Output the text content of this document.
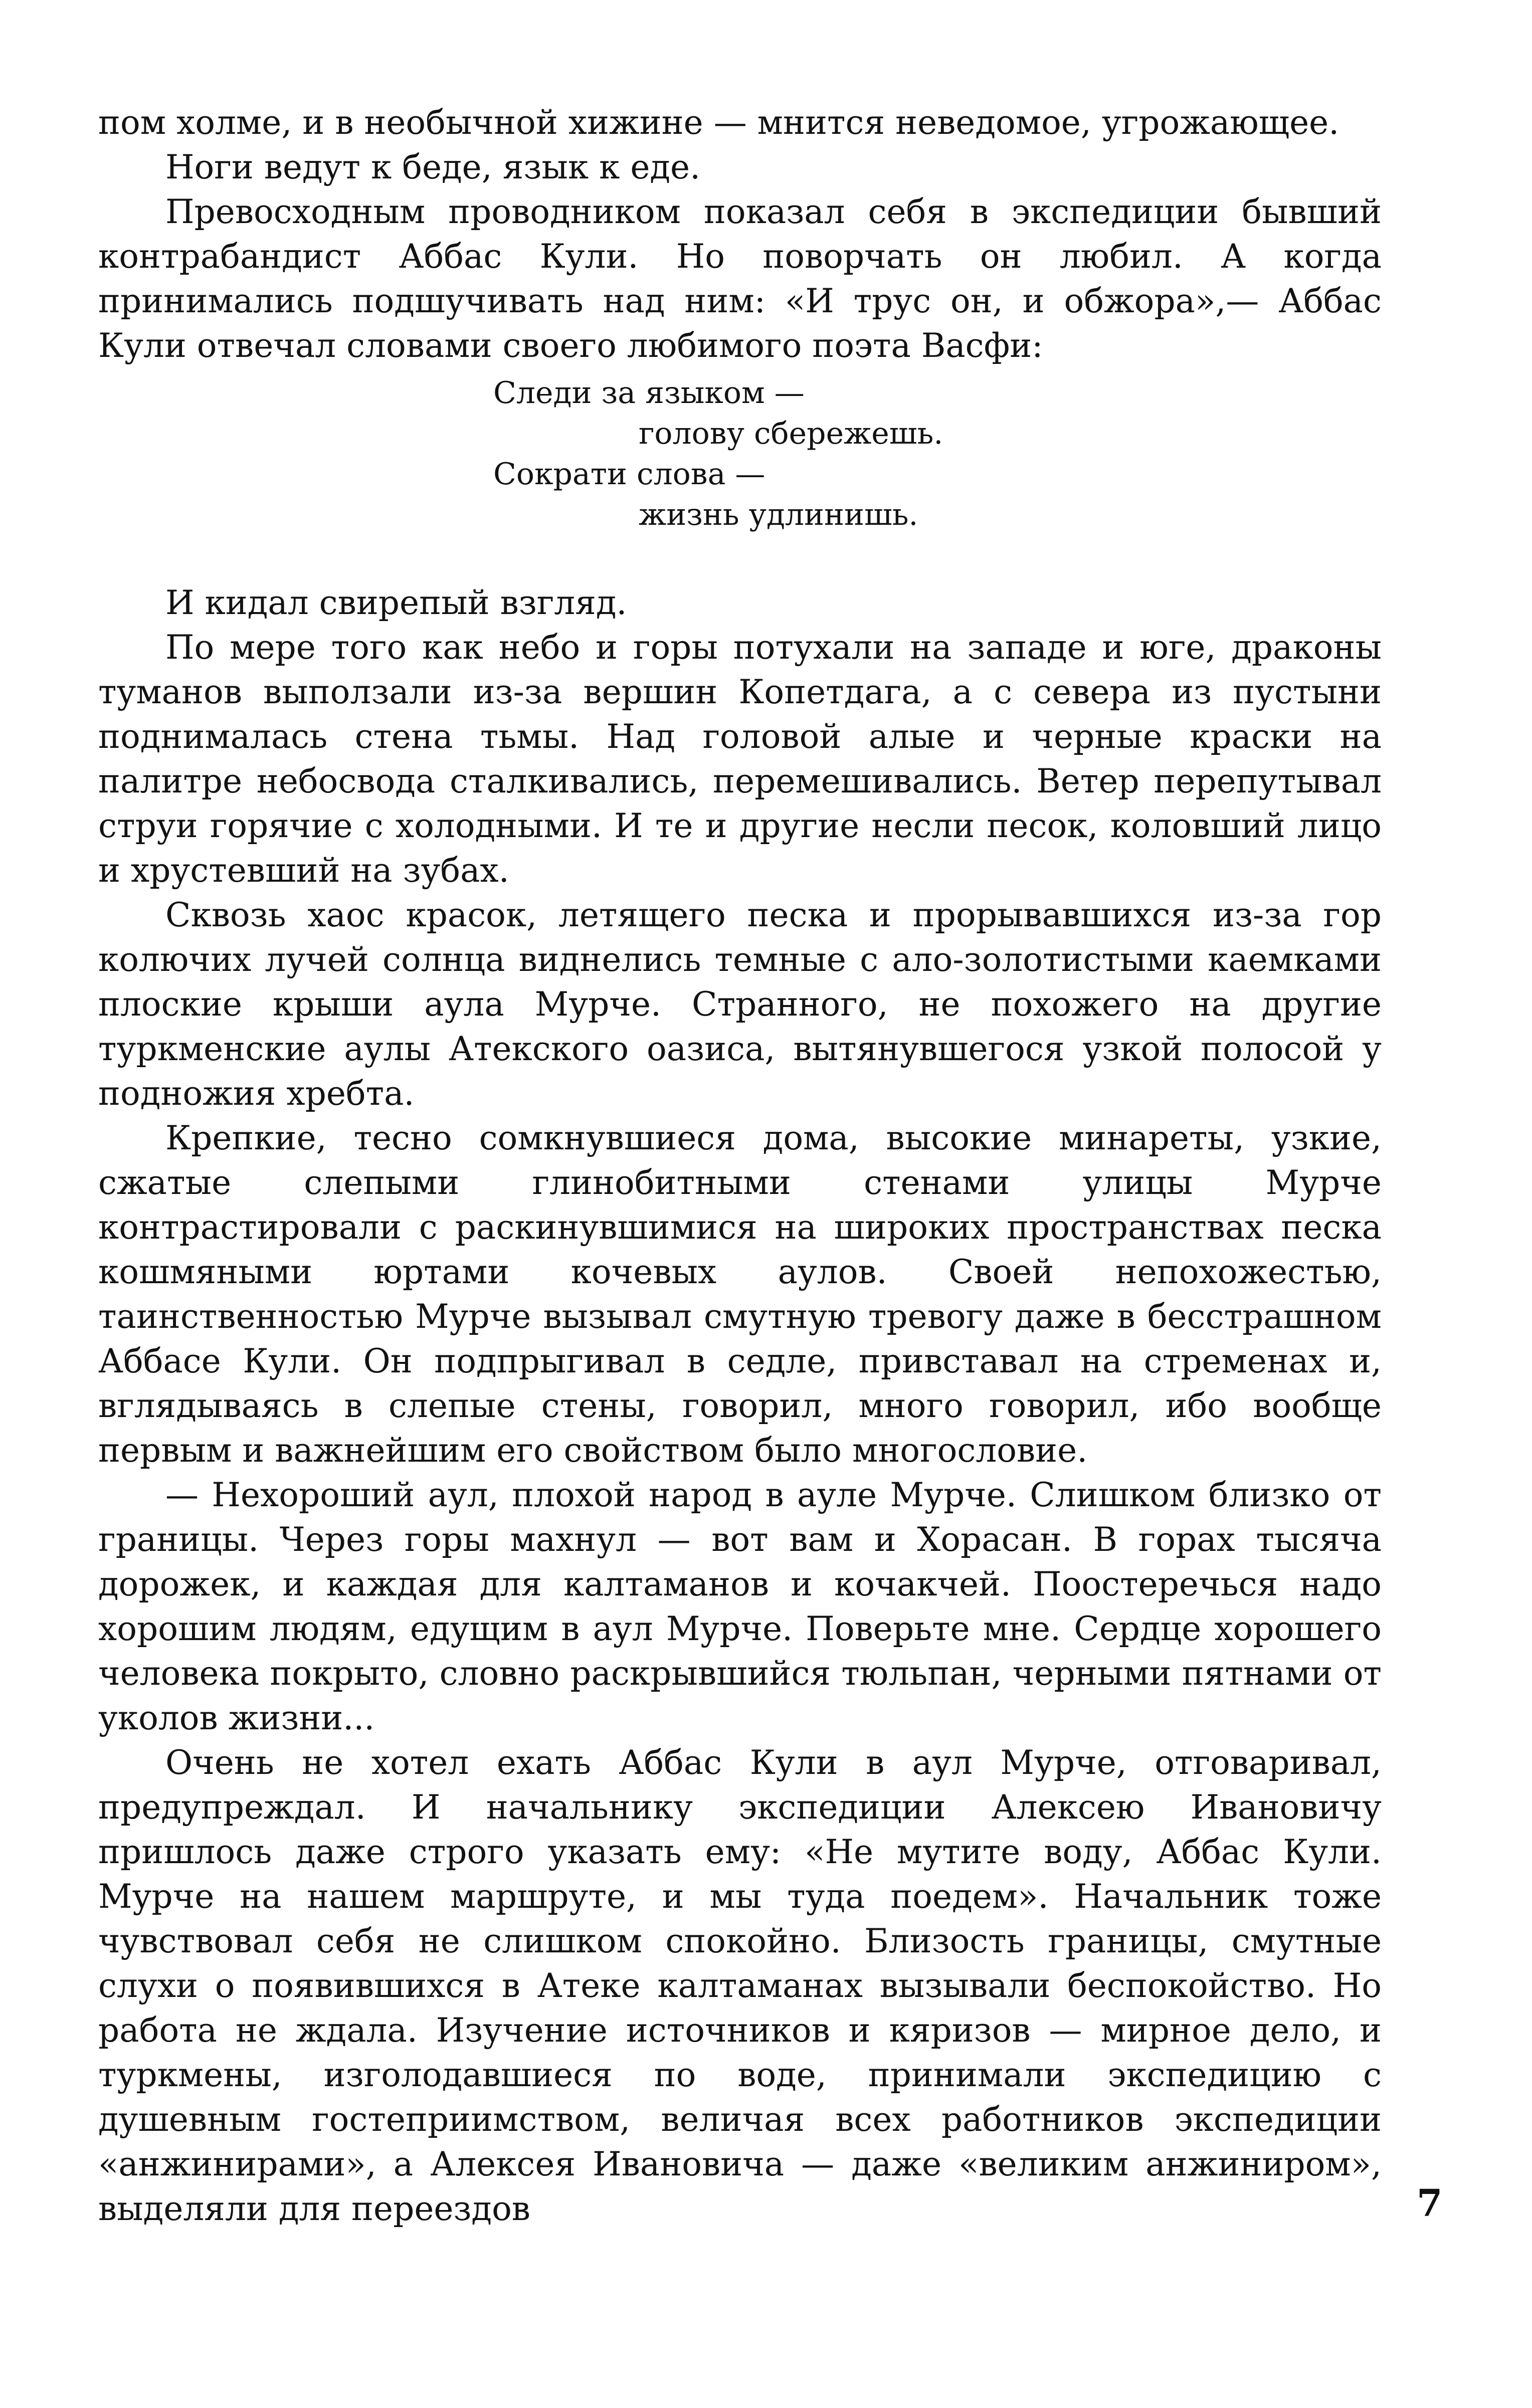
пом холме, и в необычной хижине — мнится неведомое, угрожающее.

Ноги ведут к беде, язык к еде.

Превосходным проводником показал себя в экспедиции бывший контрабандист Аббас Кули. Но поворчать он любил. А когда принимались подшучивать над ним: «И трус он, и обжора»,— Аббас Кули отвечал словами своего любимого поэта Васфи:

Следи за языком —
голову сбережешь.
Сократи слова —
жизнь удлинишь.

И кидал свирепый взгляд.

По мере того как небо и горы потухали на западе и юге, драконы туманов выползали из-за вершин Копетдага, а с севера из пустыни поднималась стена тьмы. Над головой алые и черные краски на палитре небосвода сталкивались, перемешивались. Ветер перепутывал струи горячие с холодными. И те и другие несли песок, коловший лицо и хрустевший на зубах.

Сквозь хаос красок, летящего песка и прорывавшихся из-за гор колючих лучей солнца виднелись темные с ало-золотистыми каемками плоские крыши аула Мурче. Странного, не похожего на другие туркменские аулы Атекского оазиса, вытянувшегося узкой полосой у подножия хребта.

Крепкие, тесно сомкнувшиеся дома, высокие минареты, узкие, сжатые слепыми глинобитными стенами улицы Мурче контрастировали с раскинувшимися на широких пространствах песка кошмяными юртами кочевых аулов. Своей непохожестью, таинственностью Мурче вызывал смутную тревогу даже в бесстрашном Аббасе Кули. Он подпрыгивал в седле, привставал на стременах и, вглядываясь в слепые стены, говорил, много говорил, ибо вообще первым и важнейшим его свойством было многословие.

— Нехороший аул, плохой народ в ауле Мурче. Слишком близко от границы. Через горы махнул — вот вам и Хорасан. В горах тысяча дорожек, и каждая для калтаманов и кочакчей. Поостеречься надо хорошим людям, едущим в аул Мурче. Поверьте мне. Сердце хорошего человека покрыто, словно раскрывшийся тюльпан, черными пятнами от уколов жизни...

Очень не хотел ехать Аббас Кули в аул Мурче, отговаривал, предупреждал. И начальнику экспедиции Алексею Ивановичу пришлось даже строго указать ему: «Не мутите воду, Аббас Кули. Мурче на нашем маршруте, и мы туда поедем». Начальник тоже чувствовал себя не слишком спокойно. Близость границы, смутные слухи о появившихся в Атеке калтаманах вызывали беспокойство. Но работа не ждала. Изучение источников и кяризов — мирное дело, и туркмены, изголодавшиеся по воде, принимали экспедицию с душевным гостеприимством, величая всех работников экспедиции «анжинирами», а Алексея Ивановича — даже «великим анжиниром», выделяли для переездов	7
